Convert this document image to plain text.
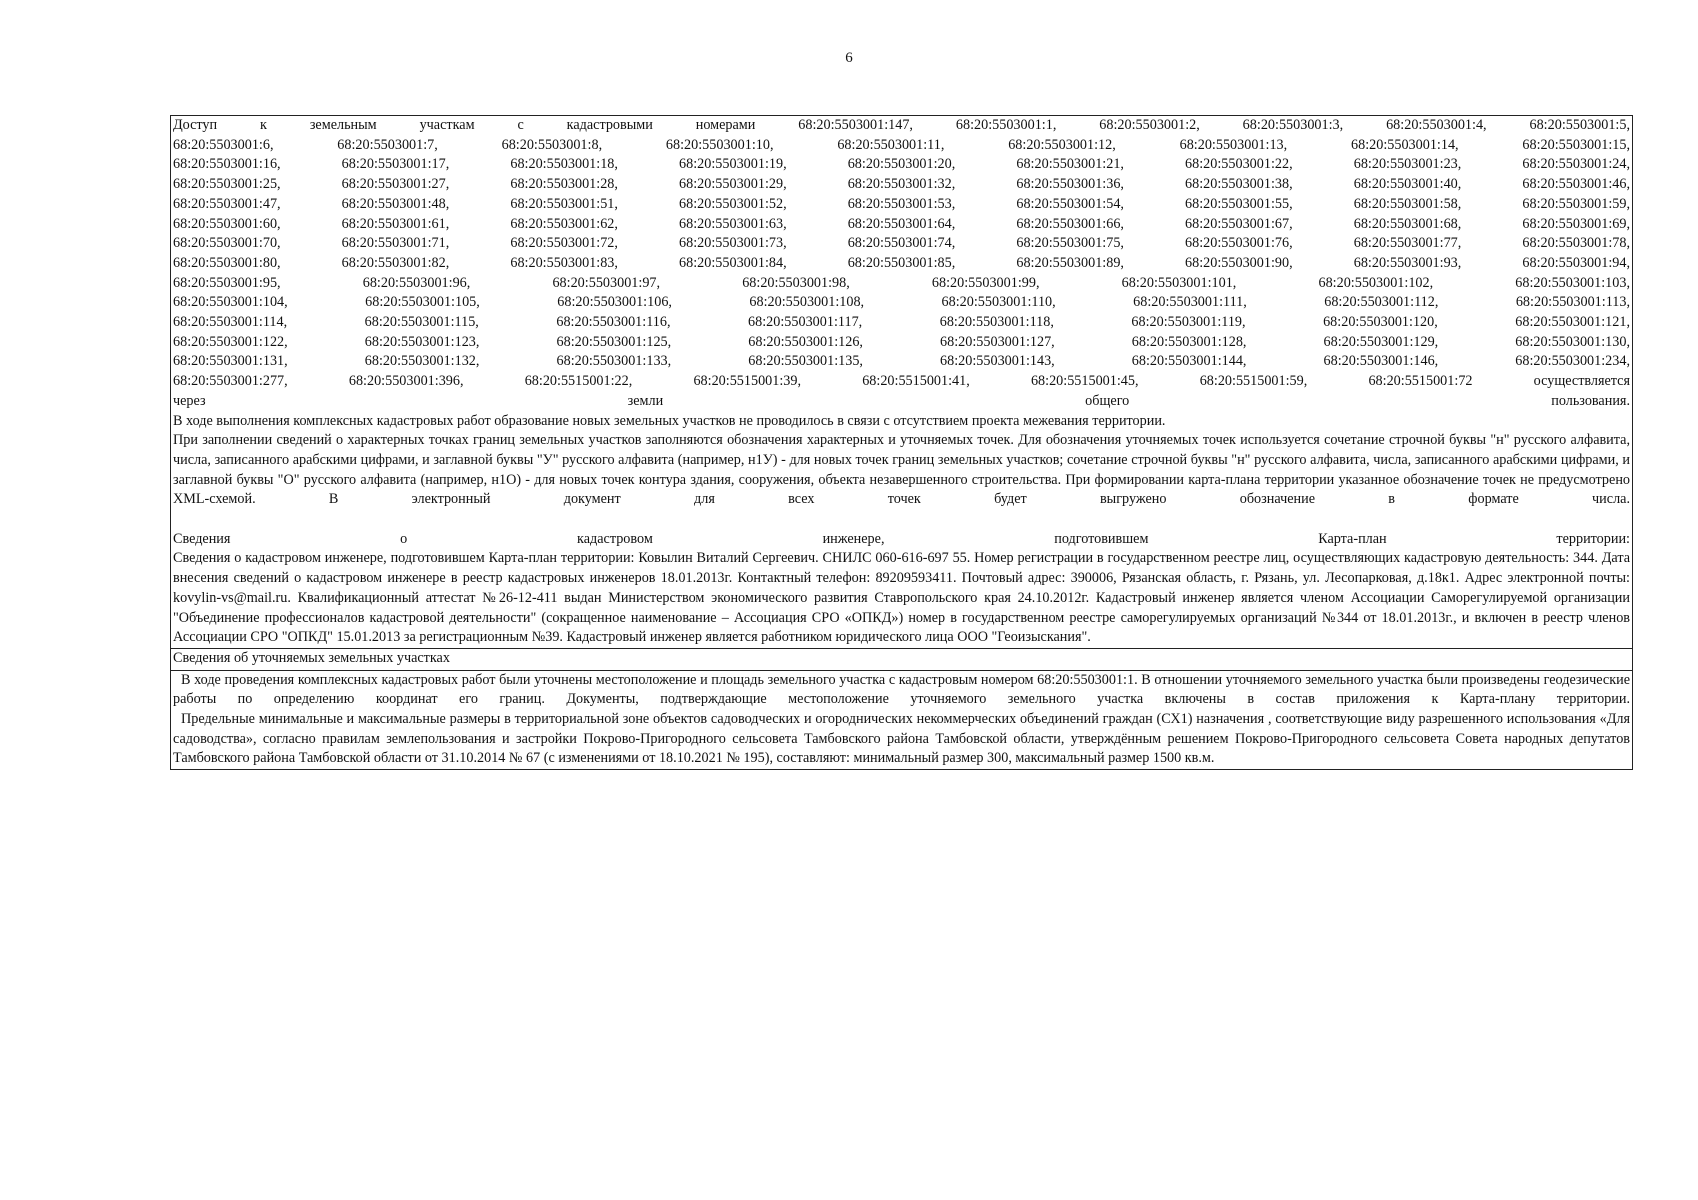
6

Доступ к земельным участкам с кадастровыми номерами 68:20:5503001:147, 68:20:5503001:1, 68:20:5503001:2, 68:20:5503001:3, 68:20:5503001:4, 68:20:5503001:5,

68:20:5503001:6, 68:20:5503001:7, 68:20:5503001:8, 68:20:5503001:10, 68:20:5503001:11, 68:20:5503001:12, 68:20:5503001:13, 68:20:5503001:14, 68:20:5503001:15,

68:20:5503001:16, 68:20:5503001:17, 68:20:5503001:18, 68:20:5503001:19, 68:20:5503001:20, 68:20:5503001:21, 68:20:5503001:22, 68:20:5503001:23, 68:20:5503001:24,

68:20:5503001:25, 68:20:5503001:27, 68:20:5503001:28, 68:20:5503001:29, 68:20:5503001:32, 68:20:5503001:36, 68:20:5503001:38, 68:20:5503001:40, 68:20:5503001:46,

68:20:5503001:47, 68:20:5503001:48, 68:20:5503001:51, 68:20:5503001:52, 68:20:5503001:53, 68:20:5503001:54, 68:20:5503001:55, 68:20:5503001:58, 68:20:5503001:59,

68:20:5503001:60, 68:20:5503001:61, 68:20:5503001:62, 68:20:5503001:63, 68:20:5503001:64, 68:20:5503001:66, 68:20:5503001:67, 68:20:5503001:68, 68:20:5503001:69,

68:20:5503001:70, 68:20:5503001:71, 68:20:5503001:72, 68:20:5503001:73, 68:20:5503001:74, 68:20:5503001:75, 68:20:5503001:76, 68:20:5503001:77, 68:20:5503001:78,

68:20:5503001:80, 68:20:5503001:82, 68:20:5503001:83, 68:20:5503001:84, 68:20:5503001:85, 68:20:5503001:89, 68:20:5503001:90, 68:20:5503001:93, 68:20:5503001:94,

68:20:5503001:95, 68:20:5503001:96, 68:20:5503001:97, 68:20:5503001:98, 68:20:5503001:99, 68:20:5503001:101, 68:20:5503001:102, 68:20:5503001:103,

68:20:5503001:104, 68:20:5503001:105, 68:20:5503001:106, 68:20:5503001:108, 68:20:5503001:110, 68:20:5503001:111, 68:20:5503001:112, 68:20:5503001:113,

68:20:5503001:114, 68:20:5503001:115, 68:20:5503001:116, 68:20:5503001:117, 68:20:5503001:118, 68:20:5503001:119, 68:20:5503001:120, 68:20:5503001:121,

68:20:5503001:122, 68:20:5503001:123, 68:20:5503001:125, 68:20:5503001:126, 68:20:5503001:127, 68:20:5503001:128, 68:20:5503001:129, 68:20:5503001:130,

68:20:5503001:131, 68:20:5503001:132, 68:20:5503001:133, 68:20:5503001:135, 68:20:5503001:143, 68:20:5503001:144, 68:20:5503001:146, 68:20:5503001:234,

68:20:5503001:277, 68:20:5503001:396, 68:20:5515001:22, 68:20:5515001:39, 68:20:5515001:41, 68:20:5515001:45, 68:20:5515001:59, 68:20:5515001:72 осуществляется

через земли общего пользования.

В ходе выполнения комплексных кадастровых работ образование новых земельных участков не проводилось в связи с отсутствием проекта межевания территории.

При заполнении сведений о характерных точках границ земельных участков заполняются обозначения характерных и уточняемых точек. Для обозначения уточняемых точек используется сочетание строчной буквы "н" русского алфавита, числа, записанного арабскими цифрами, и заглавной буквы "У" русского алфавита (например, н1У) - для новых точек границ земельных участков; сочетание строчной буквы "н" русского алфавита, числа, записанного арабскими цифрами, и заглавной буквы "О" русского алфавита (например, н1О) - для новых точек контура здания, сооружения, объекта незавершенного строительства. При формировании карта-плана территории указанное обозначение точек не предусмотрено XML-схемой. В электронный документ для всех точек будет выгружено обозначение в формате числа.

Сведения о кадастровом инженере, подготовившем Карта-план территории:

Сведения о кадастровом инженере, подготовившем Карта-план территории: Ковылин Виталий Сергеевич. СНИЛС 060-616-697 55. Номер регистрации в государственном реестре лиц, осуществляющих кадастровую деятельность: 344. Дата внесения сведений о кадастровом инженере в реестр кадастровых инженеров 18.01.2013г. Контактный телефон: 89209593411. Почтовый адрес: 390006, Рязанская область, г. Рязань, ул. Лесопарковая, д.18к1. Адрес электронной почты: kovylin-vs@mail.ru. Квалификационный аттестат №26-12-411 выдан Министерством экономического развития Ставропольского края 24.10.2012г. Кадастровый инженер является членом Ассоциации Саморегулируемой организации "Объединение профессионалов кадастровой деятельности" (сокращенное наименование – Ассоциация СРО «ОПКД») номер в государственном реестре саморегулируемых организаций №344 от 18.01.2013г., и включен в реестр членов Ассоциации СРО "ОПКД" 15.01.2013 за регистрационным №39. Кадастровый инженер является работником юридического лица ООО "Геоизыскания".

Сведения об уточняемых земельных участках

В ходе проведения комплексных кадастровых работ были уточнены местоположение и площадь земельного участка с кадастровым номером 68:20:5503001:1. В отношении уточняемого земельного участка были произведены геодезические работы по определению координат его границ. Документы, подтверждающие местоположение уточняемого земельного участка включены в состав приложения к Карта-плану территории.

Предельные минимальные и максимальные размеры в территориальной зоне объектов садоводческих и огороднических некоммерческих объединений граждан (СХ1) назначения , соответствующие виду разрешенного использования «Для садоводства», согласно правилам землепользования и застройки Покрово-Пригородного сельсовета Тамбовского района Тамбовской области, утверждённым решением Покрово-Пригородного сельсовета Совета народных депутатов Тамбовского района Тамбовской области от 31.10.2014 № 67 (с изменениями от 18.10.2021 № 195), составляют: минимальный размер 300, максимальный размер 1500 кв.м.
